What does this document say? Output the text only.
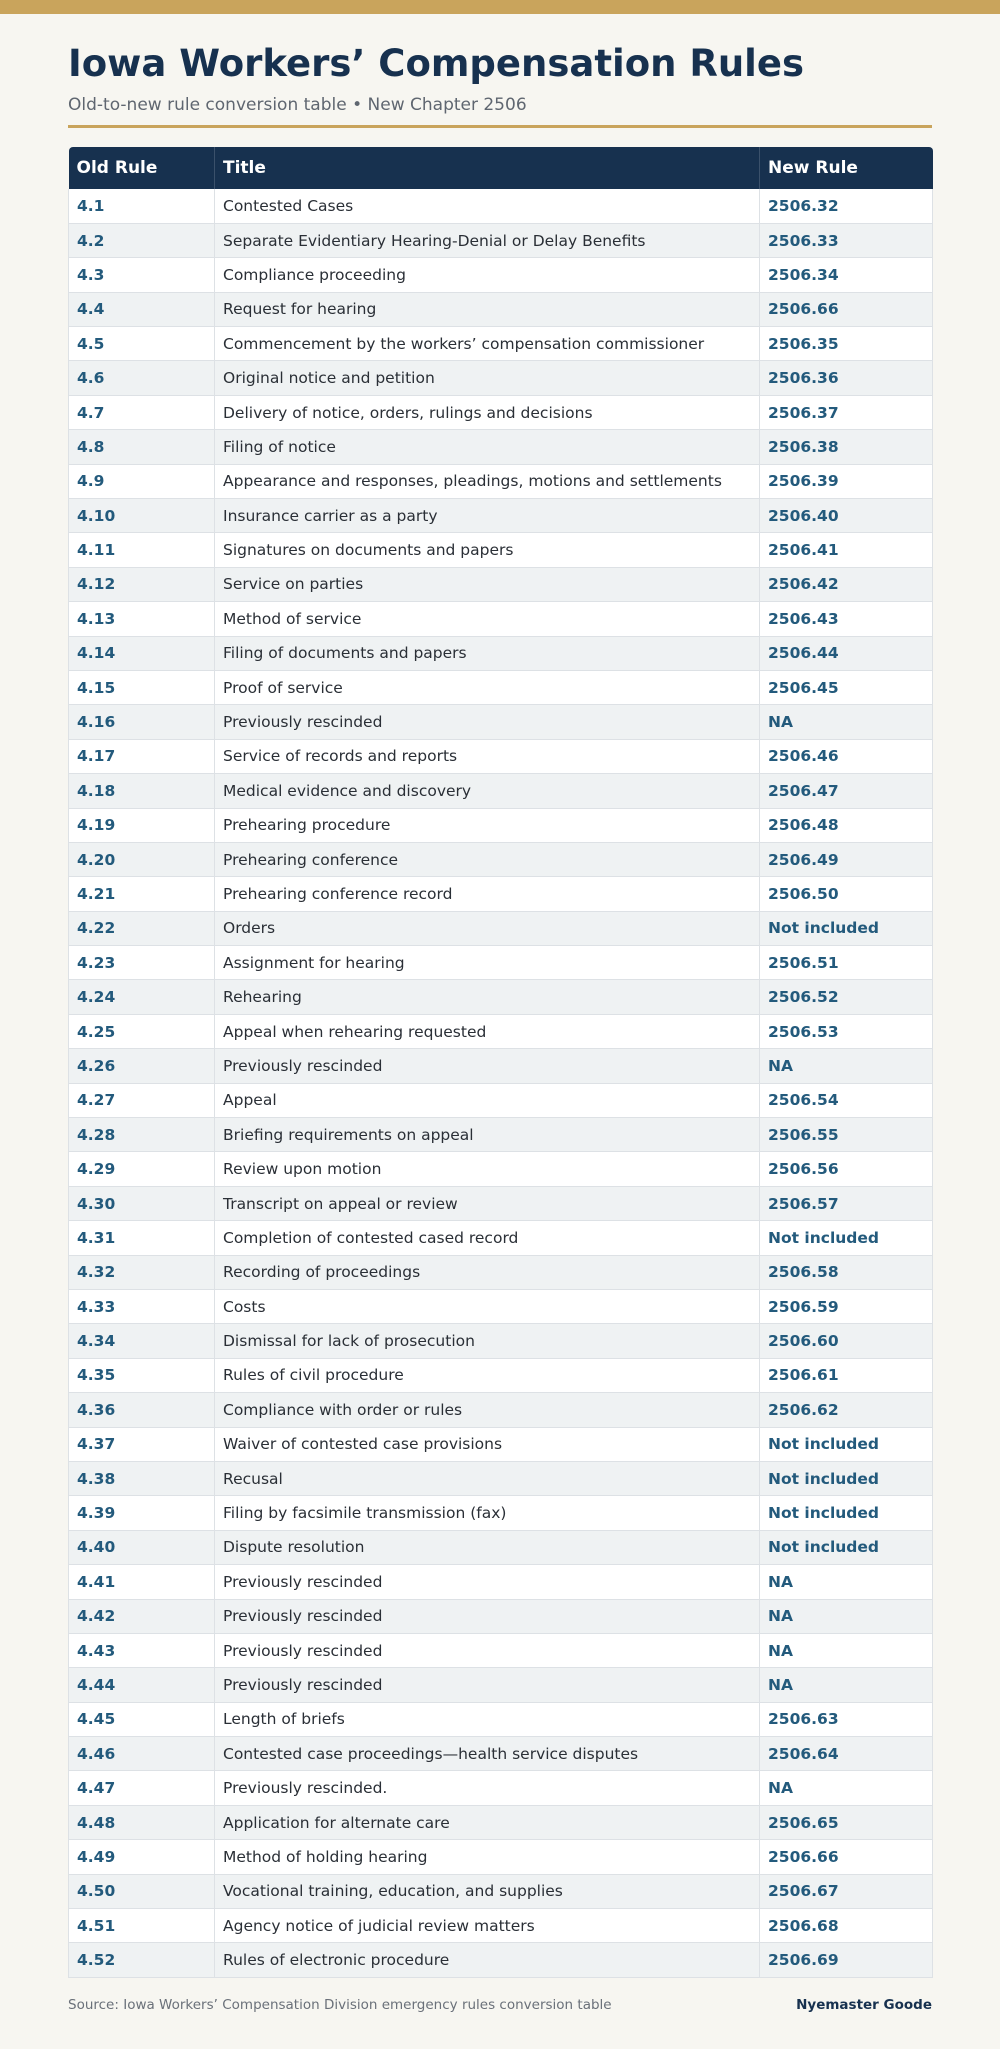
Iowa Workers’ Compensation Rules
Old-to-new rule conversion table • New Chapter 2506
Old Rule	Title	New Rule
4.1	Contested Cases	2506.32
4.2	Separate Evidentiary Hearing-Denial or Delay Benefits	2506.33
4.3	Compliance proceeding	2506.34
4.4	Request for hearing	2506.66
4.5	Commencement by the workers’ compensation commissioner	2506.35
4.6	Original notice and petition	2506.36
4.7	Delivery of notice, orders, rulings and decisions	2506.37
4.8	Filing of notice	2506.38
4.9	Appearance and responses, pleadings, motions and settlements	2506.39
4.10	Insurance carrier as a party	2506.40
4.11	Signatures on documents and papers	2506.41
4.12	Service on parties	2506.42
4.13	Method of service	2506.43
4.14	Filing of documents and papers	2506.44
4.15	Proof of service	2506.45
4.16	Previously rescinded	NA
4.17	Service of records and reports	2506.46
4.18	Medical evidence and discovery	2506.47
4.19	Prehearing procedure	2506.48
4.20	Prehearing conference	2506.49
4.21	Prehearing conference record	2506.50
4.22	Orders	Not included
4.23	Assignment for hearing	2506.51
4.24	Rehearing	2506.52
4.25	Appeal when rehearing requested	2506.53
4.26	Previously rescinded	NA
4.27	Appeal	2506.54
4.28	Briefing requirements on appeal	2506.55
4.29	Review upon motion	2506.56
4.30	Transcript on appeal or review	2506.57
4.31	Completion of contested cased record	Not included
4.32	Recording of proceedings	2506.58
4.33	Costs	2506.59
4.34	Dismissal for lack of prosecution	2506.60
4.35	Rules of civil procedure	2506.61
4.36	Compliance with order or rules	2506.62
4.37	Waiver of contested case provisions	Not included
4.38	Recusal	Not included
4.39	Filing by facsimile transmission (fax)	Not included
4.40	Dispute resolution	Not included
4.41	Previously rescinded	NA
4.42	Previously rescinded	NA
4.43	Previously rescinded	NA
4.44	Previously rescinded	NA
4.45	Length of briefs	2506.63
4.46	Contested case proceedings—health service disputes	2506.64
4.47	Previously rescinded.	NA
4.48	Application for alternate care	2506.65
4.49	Method of holding hearing	2506.66
4.50	Vocational training, education, and supplies	2506.67
4.51	Agency notice of judicial review matters	2506.68
4.52	Rules of electronic procedure	2506.69
Source: Iowa Workers’ Compensation Division emergency rules conversion table	Nyemaster Goode
